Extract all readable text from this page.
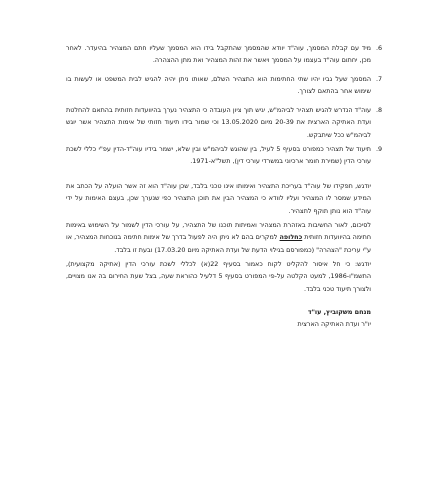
6.
מיד עם קבלת המסמך, עוה"ד יוודא שהמסמך שהתקבל בידו הוא המסמך שעליו חתם המצהיר בהיעדר. לאחר מכן, יחתום עוה"ד בעצמו על המסמך ויאשר את זהות המצהיר ואת מתן ההצהרה.
7.
המסמך שעל גביו יהיו שתי החתימות הוא התצהיר השלם, שאותו ניתן יהיה להגיש לבית המשפט או לעשות בו שימוש אחר בהתאם לצורך.
8.
עוה"ד הנדרש להגיש תצהיר לביהמ"ש, יגיש תוך ציון העובדה כי התצהיר נערך בהיוועדות חזותית בהתאם להחלטת ועדת האתיקה הארצית את 20-39 מיום 13.05.2020 וכי שמור בידו תיעוד חזותי של אימות התצהיר אשר יוגש לביהמ"ש ככל שיתבקש.
9.
תיעוד של תצהיר כמפורט בסעיף 5 לעיל, בין שהוגש לביהמ"ש ובין שלא, ישמר בידיו עוה"ד-הדין עפ"י כללי לשכת עורכי הדין (שמירת חומר ארכיוני במשרדי עורכי דין), תשל"א-1971.
יודגש, תפקידו של עוה"ד בעריכת התצהיר ואימותו אינו טכני בלבד, שכן עוה"ד הוא זה אשר הועלה על הכתב את המידע שמסר לו המצהיר ועליו לוודא כי המצהיר הבין את תוכן התצהיר כפי שנערך שכן, בעצם האימות על ידי עוה"ד הוא נותן תוקף לתצהיר.
לסיכום, לאור החשיבות באזהרת המצהיר ואמיתות תוכנו של התצהיר, על עורכי הדין לשמור על השימוש באימות חתימה בהיוועדות חזותית כחלופה למקרים בהם לא ניתן היה לפעול בדרך של אימות חתימה בנוכחות המצהיר, או ע"י עריכת "הצהרה" (כמפורסם בגילוי הדעת של ועדת האתיקה מיום 17.03.20) ובעת זו בלבד.
יודגש: כי חל איסור להקליט לקוח כאמור בסעיף 22(א) לכללי לשכת עורכי הדין (אתיקה מקצועית), התשמ"ו-1986, למעט הקלטה על-פי המפורט בסעיף 5 דלעיל כהוראת שעה, בצל שעת החירום בה אנו מצויים, ולצורך תיעוד טכני בלבד.
מנחם משקוביץ, עו"ד
יו"ר ועדת האתיקה הארצית
